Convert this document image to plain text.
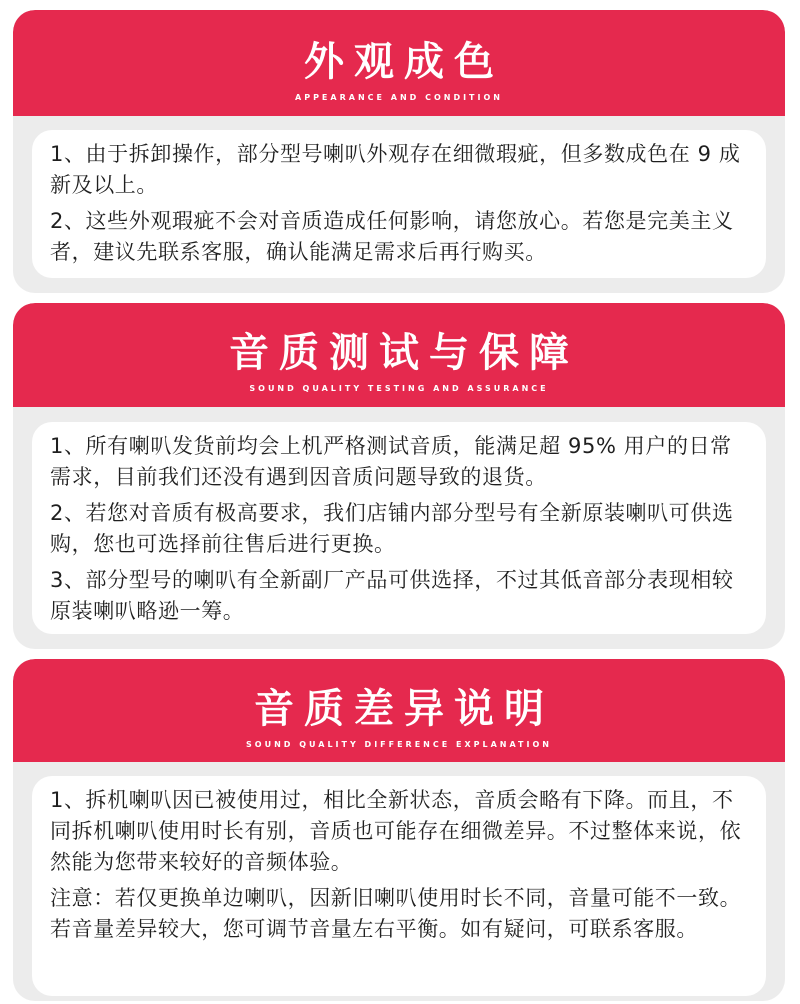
外观成色
APPEARANCE AND CONDITION

1、由于拆卸操作，部分型号喇叭外观存在细微瑕疵，但多数成色在 9 成新及以上。

2、这些外观瑕疵不会对音质造成任何影响，请您放心。若您是完美主义者，建议先联系客服，确认能满足需求后再行购买。

音质测试与保障
SOUND QUALITY TESTING AND ASSURANCE

1、所有喇叭发货前均会上机严格测试音质，能满足超 95% 用户的日常需求，目前我们还没有遇到因音质问题导致的退货。

2、若您对音质有极高要求，我们店铺内部分型号有全新原装喇叭可供选购，您也可选择前往售后进行更换。

3、部分型号的喇叭有全新副厂产品可供选择，不过其低音部分表现相较原装喇叭略逊一筹。

音质差异说明
SOUND QUALITY DIFFERENCE EXPLANATION

1、拆机喇叭因已被使用过，相比全新状态，音质会略有下降。而且，不同拆机喇叭使用时长有别，音质也可能存在细微差异。不过整体来说，依然能为您带来较好的音频体验。

注意：若仅更换单边喇叭，因新旧喇叭使用时长不同，音量可能不一致。若音量差异较大，您可调节音量左右平衡。如有疑问，可联系客服。
